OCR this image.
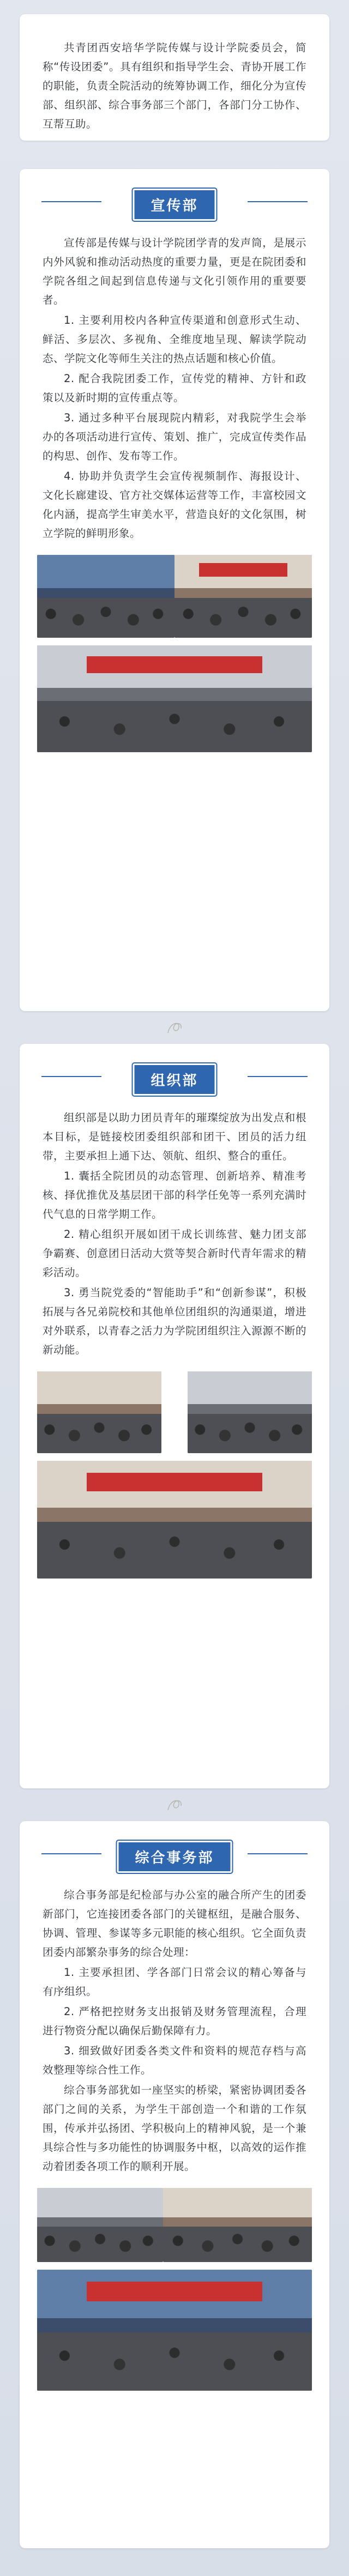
共青团西安培华学院传媒与设计学院委员会，简称“传设团委”。具有组织和指导学生会、青协开展工作的职能，负责全院活动的统筹协调工作，细化分为宣传部、组织部、综合事务部三个部门，各部门分工协作、互帮互助。

宣传部

宣传部是传媒与设计学院团学青的发声筒，是展示内外风貌和推动活动热度的重要力量，更是在院团委和学院各组之间起到信息传递与文化引领作用的重要要者。

1. 主要利用校内各种宣传渠道和创意形式生动、鲜活、多层次、多视角、全维度地呈现、解读学院动态、学院文化等师生关注的热点话题和核心价值。

2. 配合我院团委工作，宣传党的精神、方针和政策以及新时期的宣传重点等。

3. 通过多种平台展现院内精彩，对我院学生会举办的各项活动进行宣传、策划、推广，完成宣传类作品的构思、创作、发布等工作。

4. 协助并负责学生会宣传视频制作、海报设计、文化长廊建设、官方社交媒体运营等工作，丰富校园文化内涵，提高学生审美水平，营造良好的文化氛围，树立学院的鲜明形象。

组织部

组织部是以助力团员青年的璀璨绽放为出发点和根本目标，是链接校团委组织部和团干、团员的活力纽带，主要承担上通下达、领航、组织、整合的重任。

1. 囊括全院团员的动态管理、创新培养、精准考核、择优推优及基层团干部的科学任免等一系列充满时代气息的日常学期工作。

2. 精心组织开展如团干成长训练营、魅力团支部争霸赛、创意团日活动大赏等契合新时代青年需求的精彩活动。

3. 勇当院党委的“智能助手”和“创新参谋”，积极拓展与各兄弟院校和其他单位团组织的沟通渠道，增进对外联系，以青春之活力为学院团组织注入源源不断的新动能。

综合事务部

综合事务部是纪检部与办公室的融合所产生的团委新部门，它连接团委各部门的关键枢纽，是融合服务、协调、管理、参谋等多元职能的核心组织。它全面负责团委内部繁杂事务的综合处理：

1. 主要承担团、学各部门日常会议的精心筹备与有序组织。

2. 严格把控财务支出报销及财务管理流程，合理进行物资分配以确保后勤保障有力。

3. 细致做好团委各类文件和资料的规范存档与高效整理等综合性工作。

综合事务部犹如一座坚实的桥梁，紧密协调团委各部门之间的关系，为学生干部创造一个和谐的工作氛围，传承并弘扬团、学积极向上的精神风貌，是一个兼具综合性与多功能性的协调服务中枢，以高效的运作推动着团委各项工作的顺利开展。
